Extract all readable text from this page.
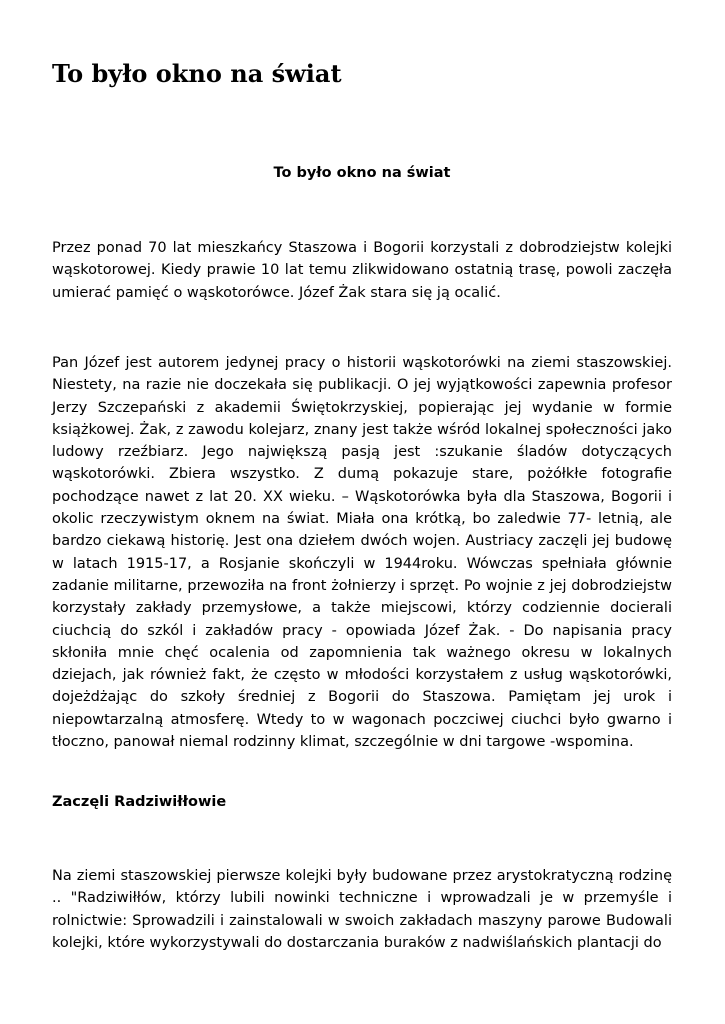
To było okno na świat
To było okno na świat

Przez ponad 70 lat mieszkańcy Staszowa i Bogorii korzystali z dobrodziejstw kolejki wąskotorowej. Kiedy prawie 10 lat temu zlikwidowano ostatnią trasę, powoli zaczęła umierać pamięć o wąskotorówce. Józef Żak stara się ją ocalić.

Pan Józef jest autorem jedynej pracy o historii wąskotorówki na ziemi staszowskiej. Niestety, na razie nie doczekała się publikacji. O jej wyjątkowości zapewnia profesor Jerzy Szczepański z akademii Świętokrzyskiej, popierając jej wydanie w formie książkowej. Żak, z zawodu kolejarz, znany jest także wśród lokalnej społeczności jako ludowy rzeźbiarz. Jego największą pasją jest :szukanie śladów dotyczących wąskotorówki. Zbiera wszystko. Z dumą pokazuje stare, pożółkłe fotografie pochodzące nawet z lat 20. XX wieku. – Wąskotorówka była dla Staszowa, Bogorii i okolic rzeczywistym oknem na świat. Miała ona krótką, bo zaledwie 77- letnią, ale bardzo ciekawą historię. Jest ona dziełem dwóch wojen. Austriacy zaczęli jej budowę w latach 1915-17, a Rosjanie skończyli w 1944roku. Wówczas spełniała głównie zadanie militarne, przewoziła na front żołnierzy i sprzęt. Po wojnie z jej dobrodziejstw korzystały zakłady przemysłowe, a także miejscowi, którzy codziennie docierali ciuchcią do szkól i zakładów pracy - opowiada Józef Żak. - Do napisania pracy skłoniła mnie chęć ocalenia od zapomnienia tak ważnego okresu w lokalnych dziejach, jak również fakt, że często w młodości korzystałem z usług wąskotorówki, dojeżdżając do szkoły średniej z Bogorii do Staszowa. Pamiętam jej urok i niepowtarzalną atmosferę. Wtedy to w wagonach poczciwej ciuchci było gwarno i tłoczno, panował niemal rodzinny klimat, szczególnie w dni targowe -wspomina.

Zaczęli Radziwiłłowie

Na ziemi staszowskiej pierwsze kolejki były budowane przez arystokratyczną rodzinę .. "Radziwiłłów, którzy lubili nowinki techniczne i wprowadzali je w przemyśle i rolnictwie: Sprowadzili i zainstalowali w swoich zakładach maszyny parowe Budowali kolejki, które wykorzystywali do dostarczania buraków z nadwiślańskich plantacji do
